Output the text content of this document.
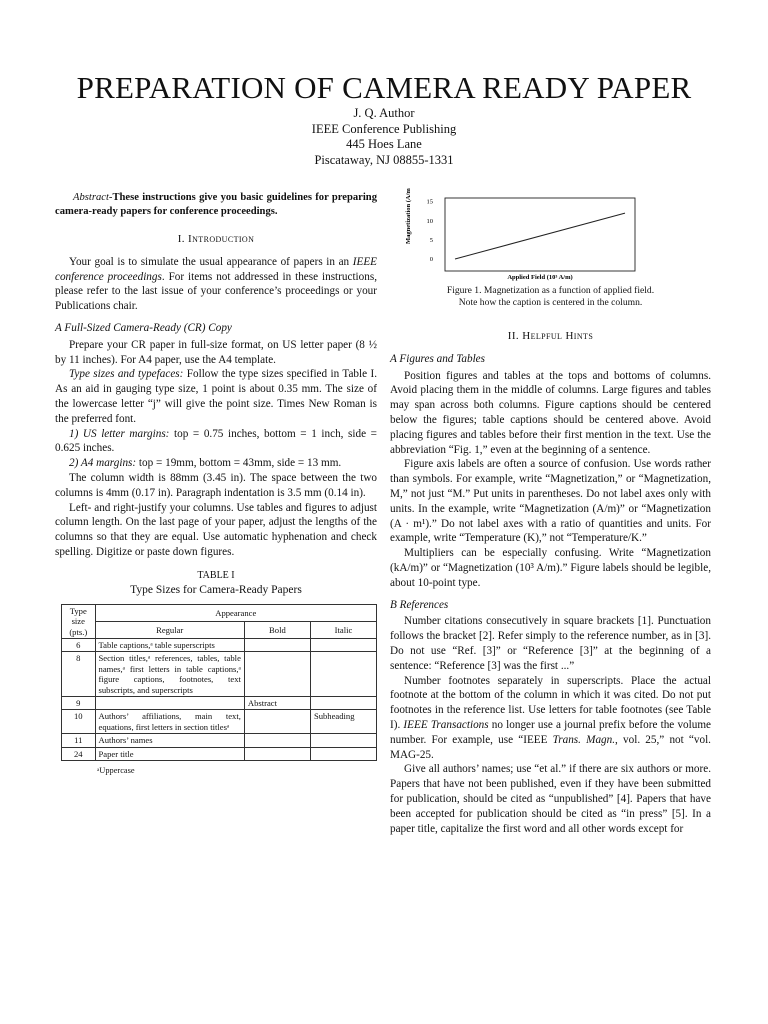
PREPARATION OF CAMERA READY PAPER
J. Q. Author
IEEE Conference Publishing
445 Hoes Lane
Piscataway, NJ 08855-1331

Abstract-These instructions give you basic guidelines for preparing camera-ready papers for conference proceedings.

I. Introduction

Your goal is to simulate the usual appearance of papers in an IEEE conference proceedings. For items not addressed in these instructions, please refer to the last issue of your conference’s proceedings or your Publications chair.

A Full-Sized Camera-Ready (CR) Copy

Prepare your CR paper in full-size format, on US letter paper (8 ½ by 11 inches). For A4 paper, use the A4 template.

Type sizes and typefaces: Follow the type sizes specified in Table I. As an aid in gauging type size, 1 point is about 0.35 mm. The size of the lowercase letter “j” will give the point size. Times New Roman is the preferred font.

1) US letter margins: top = 0.75 inches, bottom = 1 inch, side = 0.625 inches.

2) A4 margins: top = 19mm, bottom = 43mm, side = 13 mm.

The column width is 88mm (3.45 in). The space between the two columns is 4mm (0.17 in). Paragraph indentation is 3.5 mm (0.14 in).

Left- and right-justify your columns. Use tables and figures to adjust column length. On the last page of your paper, adjust the lengths of the columns so that they are equal. Use automatic hyphenation and check spelling. Digitize or paste down figures.

TABLE I
Type Sizes for Camera-Ready Papers
Type size (pts.)	Appearance		
	Regular	Bold	Italic
6	Table captions,ᵃ table superscripts		
8	Section titles,ᵃ references, tables, table names,ᵃ first letters in table captions,ᵃ figure captions, footnotes, text subscripts, and superscripts		
9		Abstract	
10	Authors’ affiliations, main text, equations, first letters in section titlesᵃ		Subheading
11	Authors’ names		
24	Paper title		
ᵃUppercase
Magnetization (A/m) 15
10
5
0
Applied Field (10³ A/m)
Figure 1. Magnetization as a function of applied field.
Note how the caption is centered in the column.
II. Helpful Hints
A Figures and Tables

Position figures and tables at the tops and bottoms of columns. Avoid placing them in the middle of columns. Large figures and tables may span across both columns. Figure captions should be centered below the figures; table captions should be centered above. Avoid placing figures and tables before their first mention in the text. Use the abbreviation “Fig. 1,” even at the beginning of a sentence.

Figure axis labels are often a source of confusion. Use words rather than symbols. For example, write “Magnetization,” or “Magnetization, M,” not just “M.” Put units in parentheses. Do not label axes only with units. In the example, write “Magnetization (A/m)” or “Magnetization (A · m¹).” Do not label axes with a ratio of quantities and units. For example, write “Temperature (K),” not “Temperature/K.”

Multipliers can be especially confusing. Write “Magnetization (kA/m)” or “Magnetization (10³ A/m).” Figure labels should be legible, about 10-point type.

B References

Number citations consecutively in square brackets [1]. Punctuation follows the bracket [2]. Refer simply to the reference number, as in [3]. Do not use “Ref. [3]” or “Reference [3]” at the beginning of a sentence: “Reference [3] was the first ...”

Number footnotes separately in superscripts. Place the actual footnote at the bottom of the column in which it was cited. Do not put footnotes in the reference list. Use letters for table footnotes (see Table I). IEEE Transactions no longer use a journal prefix before the volume number. For example, use “IEEE Trans. Magn., vol. 25,” not “vol. MAG-25.

Give all authors’ names; use “et al.” if there are six authors or more. Papers that have not been published, even if they have been submitted for publication, should be cited as “unpublished” [4]. Papers that have been accepted for publication should be cited as “in press” [5]. In a paper title, capitalize the first word and all other words except for
